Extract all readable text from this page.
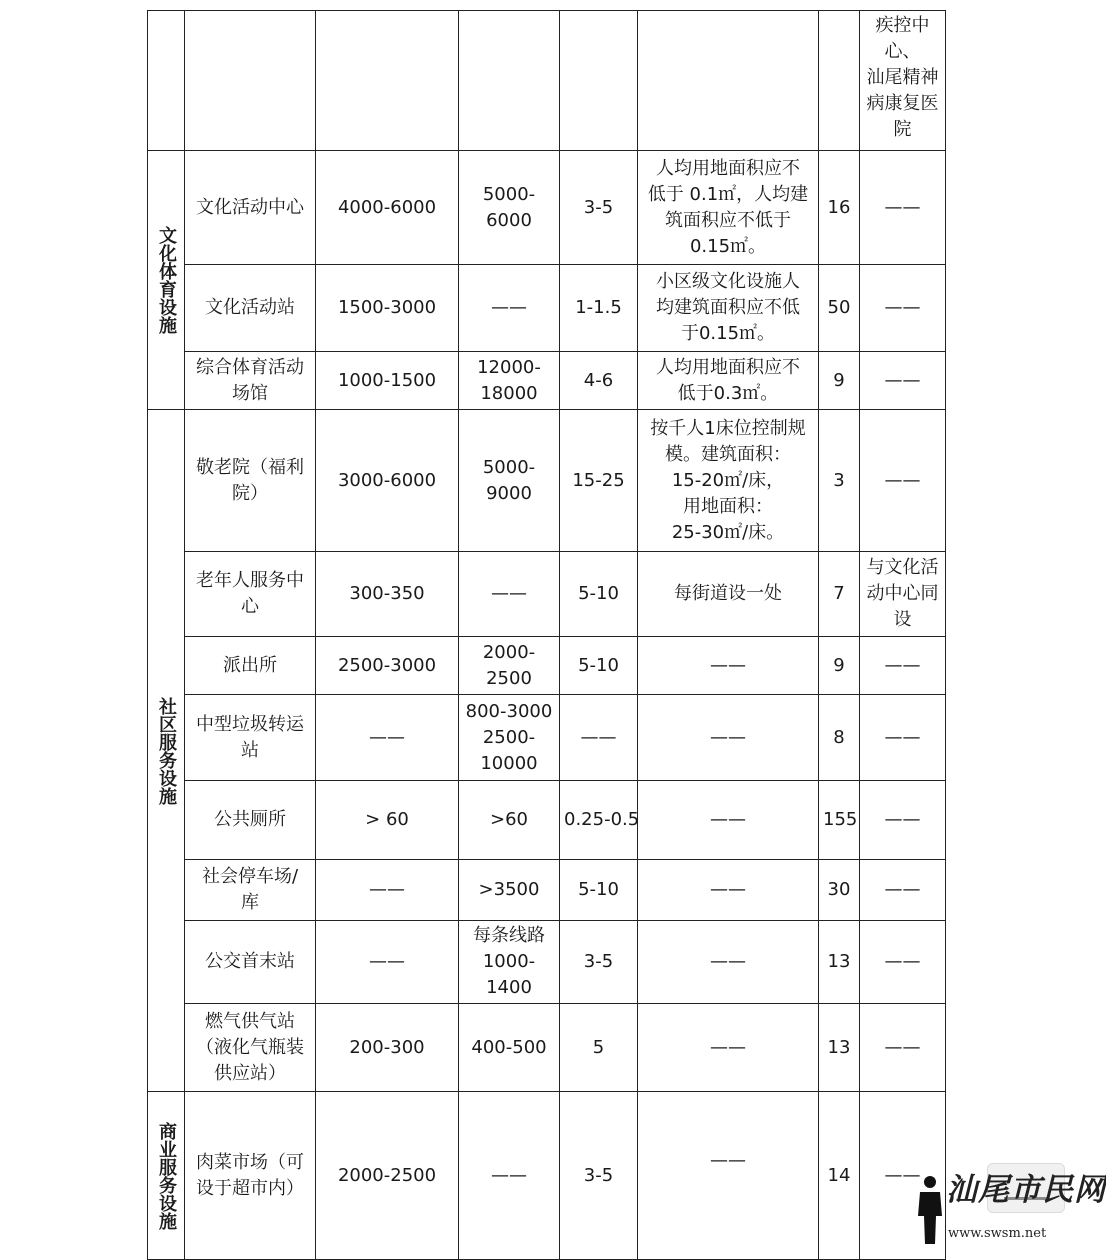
							疾控中
心、
汕尾精神
病康复医
院
文化体育设施	文化活动中心	4000-6000	5000-6000	3-5	人均用地面积应不
低于 0.1㎡，人均建
筑面积应不低于
0.15㎡。	16	——
	文化活动站	1500-3000	——	1-1.5	小区级文化设施人
均建筑面积应不低
于0.15㎡。	50	——
	综合体育活动
场馆	1000-1500	12000-
18000	4-6	人均用地面积应不
低于0.3㎡。	9	——
社区服务设施	敬老院（福利
院）	3000-6000	5000-9000	15-25	按千人1床位控制规
模。建筑面积：
15-20㎡/床，
用地面积：
25-30㎡/床。	3	——
	老年人服务中
心	300-350	——	5-10	每街道设一处	7	与文化活
动中心同
设
	派出所	2500-3000	2000-2500	5-10	——	9	——
	中型垃圾转运
站	——	800-3000
2500-
10000	——	——	8	——
	公共厕所	> 60	>60	0.25-0.5	——	155	——
	社会停车场/
库	——	>3500	5-10	——	30	——
	公交首末站	——	每条线路
1000-1400	3-5	——	13	——
	燃气供气站
（液化气瓶装
供应站）	200-300	400-500	5	——	13	——
商业服务设施	肉菜市场（可
设于超市内）	2000-2500	——	3-5	——	14	—— 汕尾市民网
www.swsm.net
